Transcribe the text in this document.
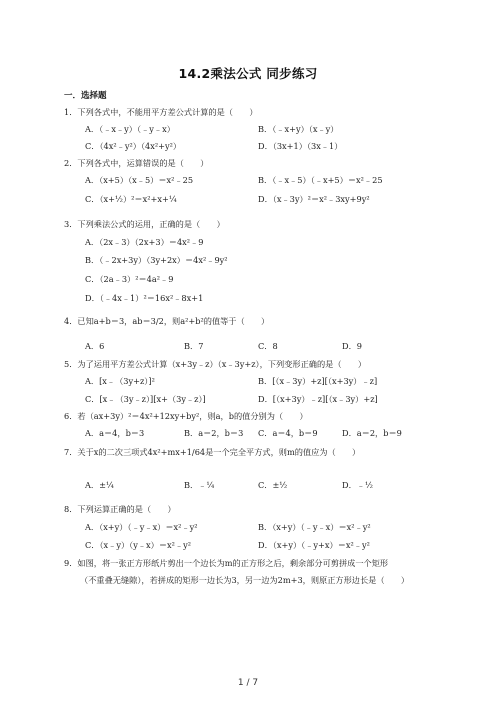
14.2乘法公式 同步练习
一．选择题
1．下列各式中，不能用平方差公式计算的是（　　）
A．（﹣x﹣y）（﹣y﹣x）	B．（﹣x+y）（x﹣y）
C．（4x²﹣y²）（4x²+y²）	D．（3x+1）（3x﹣1）
2．下列各式中，运算错误的是（　　）
A．（x+5）（x﹣5）＝x²﹣25	B．（﹣x﹣5）（﹣x+5）＝x²﹣25
C．（x+½）²＝x²+x+¼	D．（x﹣3y）²＝x²﹣3xy+9y²
3．下列乘法公式的运用，正确的是（　　）
A．（2x﹣3）（2x+3）＝4x²﹣9
B．（﹣2x+3y）（3y+2x）＝4x²﹣9y²
C．（2a﹣3）²＝4a²﹣9
D．（﹣4x﹣1）²＝16x²﹣8x+1
4．已知a+b＝3，ab＝3/2，则a²+b²的值等于（　　）
A．6	B．7	C．8	D．9
5．为了运用平方差公式计算（x+3y﹣z）（x﹣3y+z），下列变形正确的是（　　）
A．[x﹣（3y+z）]²	B．[（x﹣3y）+z][（x+3y）﹣z]
C．[x﹣（3y﹣z）][x+（3y﹣z）]	D．[（x+3y）﹣z][（x﹣3y）+z]
6．若（ax+3y）²＝4x²+12xy+by²，则a，b的值分别为（　　）
A．a＝4，b＝3	B．a＝2，b＝3 C．a＝4，b＝9	D．a＝2，b＝9
7．关于x的二次三项式4x²+mx+1/64是一个完全平方式，则m的值应为（　　）
A．±¼	B．﹣¼	C．±½	D．﹣½
8．下列运算正确的是（　　）
A．（x+y）（﹣y﹣x）＝x²﹣y²	B．（x+y）（﹣y﹣x）＝x²﹣y²
C．（x﹣y）（y﹣x）＝x²﹣y²	D．（x+y）（﹣y+x）＝x²﹣y²
9．如图，将一张正方形纸片剪出一个边长为m的正方形之后，剩余部分可剪拼成一个矩形
（不重叠无缝隙），若拼成的矩形一边长为3，另一边为2m+3，则原正方形边长是（　　）
1 / 7
